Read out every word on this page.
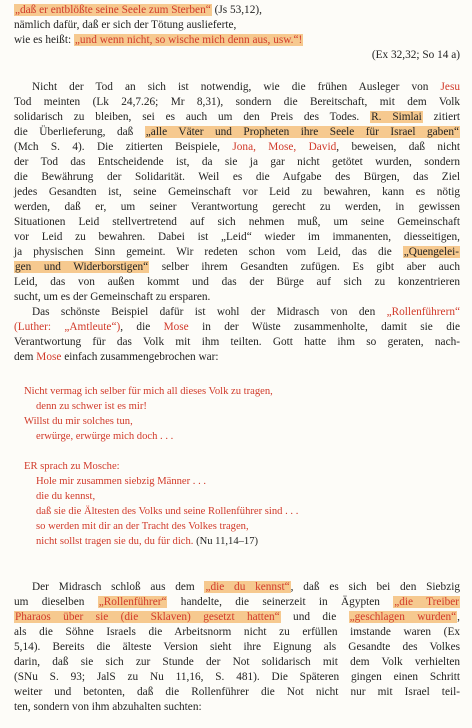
„daß er entblößte seine Seele zum Sterben“ (Js 53,12),
nämlich dafür, daß er sich der Tötung auslieferte,
wie es heißt: „und wenn nicht, so wische mich denn aus, usw.“!
(Ex 32,32; So 14 a)
Nicht der Tod an sich ist notwendig, wie die frühen Ausleger von Jesu
Tod meinten (Lk 24,7.26; Mr 8,31), sondern die Bereitschaft, mit dem Volk
solidarisch zu bleiben, sei es auch um den Preis des Todes. R. Simlai zitiert
die Überlieferung, daß „alle Väter und Propheten ihre Seele für Israel gaben“
(Mch S. 4). Die zitierten Beispiele, Jona, Mose, David, beweisen, daß nicht
der Tod das Entscheidende ist, da sie ja gar nicht getötet wurden, sondern
die Bewährung der Solidarität. Weil es die Aufgabe des Bürgen, das Ziel
jedes Gesandten ist, seine Gemeinschaft vor Leid zu bewahren, kann es nötig
werden, daß er, um seiner Verantwortung gerecht zu werden, in gewissen
Situationen Leid stellvertretend auf sich nehmen muß, um seine Gemeinschaft
vor Leid zu bewahren. Dabei ist „Leid“ wieder im immanenten, diesseitigen,
ja physischen Sinn gemeint. Wir redeten schon vom Leid, das die „Quengelei-
gen und Widerborstigen“ selber ihrem Gesandten zufügen. Es gibt aber auch
Leid, das von außen kommt und das der Bürge auf sich zu konzentrieren
sucht, um es der Gemeinschaft zu ersparen.
Das schönste Beispiel dafür ist wohl der Midrasch von den „Rollenführern“
(Luther: „Amtleute“), die Mose in der Wüste zusammenholte, damit sie die
Verantwortung für das Volk mit ihm teilten. Gott hatte ihm so geraten, nach-
dem Mose einfach zusammengebrochen war:
Nicht vermag ich selber für mich all dieses Volk zu tragen,
denn zu schwer ist es mir!
Willst du mir solches tun,
erwürge, erwürge mich doch . . .
ER sprach zu Mosche:
Hole mir zusammen siebzig Männer . . .
die du kennst,
daß sie die Ältesten des Volks und seine Rollenführer sind . . .
so werden mit dir an der Tracht des Volkes tragen,
nicht sollst tragen sie du, du für dich. (Nu 11,14–17)
Der Midrasch schloß aus dem „die du kennst“, daß es sich bei den Siebzig
um dieselben „Rollenführer“ handelte, die seinerzeit in Ägypten „die Treiber
Pharaos über sie (die Sklaven) gesetzt hatten“ und die „geschlagen wurden“,
als die Söhne Israels die Arbeitsnorm nicht zu erfüllen imstande waren (Ex
5,14). Bereits die älteste Version sieht ihre Eignung als Gesandte des Volkes
darin, daß sie sich zur Stunde der Not solidarisch mit dem Volk verhielten
(SNu S. 93; JalS zu Nu 11,16, S. 481). Die Späteren gingen einen Schritt
weiter und betonten, daß die Rollenführer die Not nicht nur mit Israel teil-
ten, sondern von ihm abzuhalten suchten:
